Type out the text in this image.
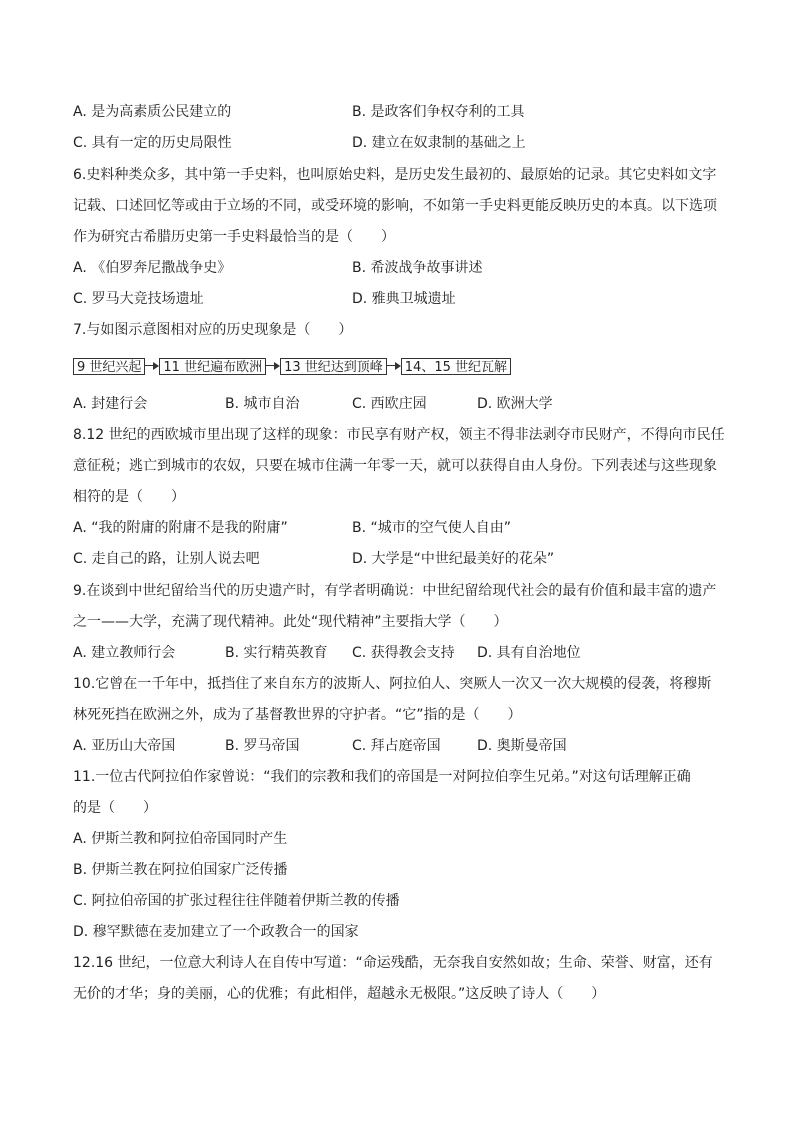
A. 是为高素质公民建立的	B. 是政客们争权夺利的工具
C. 具有一定的历史局限性	D. 建立在奴隶制的基础之上
6.史料种类众多，其中第一手史料，也叫原始史料，是历史发生最初的、最原始的记录。其它史料如文字
记载、口述回忆等或由于立场的不同，或受环境的影响，不如第一手史料更能反映历史的本真。以下选项
作为研究古希腊历史第一手史料最恰当的是（　　）
A. 《伯罗奔尼撒战争史》	B. 希波战争故事讲述
C. 罗马大竞技场遗址	D. 雅典卫城遗址
7.与如图示意图相对应的历史现象是（　　）
9 世纪兴起	11 世纪遍布欧洲	13 世纪达到顶峰	14、15 世纪瓦解
A. 封建行会	B. 城市自治	C. 西欧庄园	D. 欧洲大学
8.12 世纪的西欧城市里出现了这样的现象：市民享有财产权，领主不得非法剥夺市民财产，不得向市民任
意征税；逃亡到城市的农奴，只要在城市住满一年零一天，就可以获得自由人身份。下列表述与这些现象
相符的是（　　）
A. “我的附庸的附庸不是我的附庸”	B. “城市的空气使人自由”
C. 走自己的路，让别人说去吧	D. 大学是“中世纪最美好的花朵”
9.在谈到中世纪留给当代的历史遗产时，有学者明确说：中世纪留给现代社会的最有价值和最丰富的遗产
之一——大学，充满了现代精神。此处“现代精神”主要指大学（　　）
A. 建立教师行会	B. 实行精英教育 C. 获得教会支持 D. 具有自治地位
10.它曾在一千年中，抵挡住了来自东方的波斯人、阿拉伯人、突厥人一次又一次大规模的侵袭，将穆斯
林死死挡在欧洲之外，成为了基督教世界的守护者。“它”指的是（　　）
A. 亚历山大帝国	B. 罗马帝国	C. 拜占庭帝国	D. 奥斯曼帝国
11.一位古代阿拉伯作家曾说：“我们的宗教和我们的帝国是一对阿拉伯孪生兄弟。”对这句话理解正确
的是（　　）
A. 伊斯兰教和阿拉伯帝国同时产生
B. 伊斯兰教在阿拉伯国家广泛传播
C. 阿拉伯帝国的扩张过程往往伴随着伊斯兰教的传播
D. 穆罕默德在麦加建立了一个政教合一的国家
12.16 世纪，一位意大利诗人在自传中写道：“命运残酷，无奈我自安然如故；生命、荣誉、财富，还有
无价的才华；身的美丽，心的优雅；有此相伴，超越永无极限。”这反映了诗人（　　）
